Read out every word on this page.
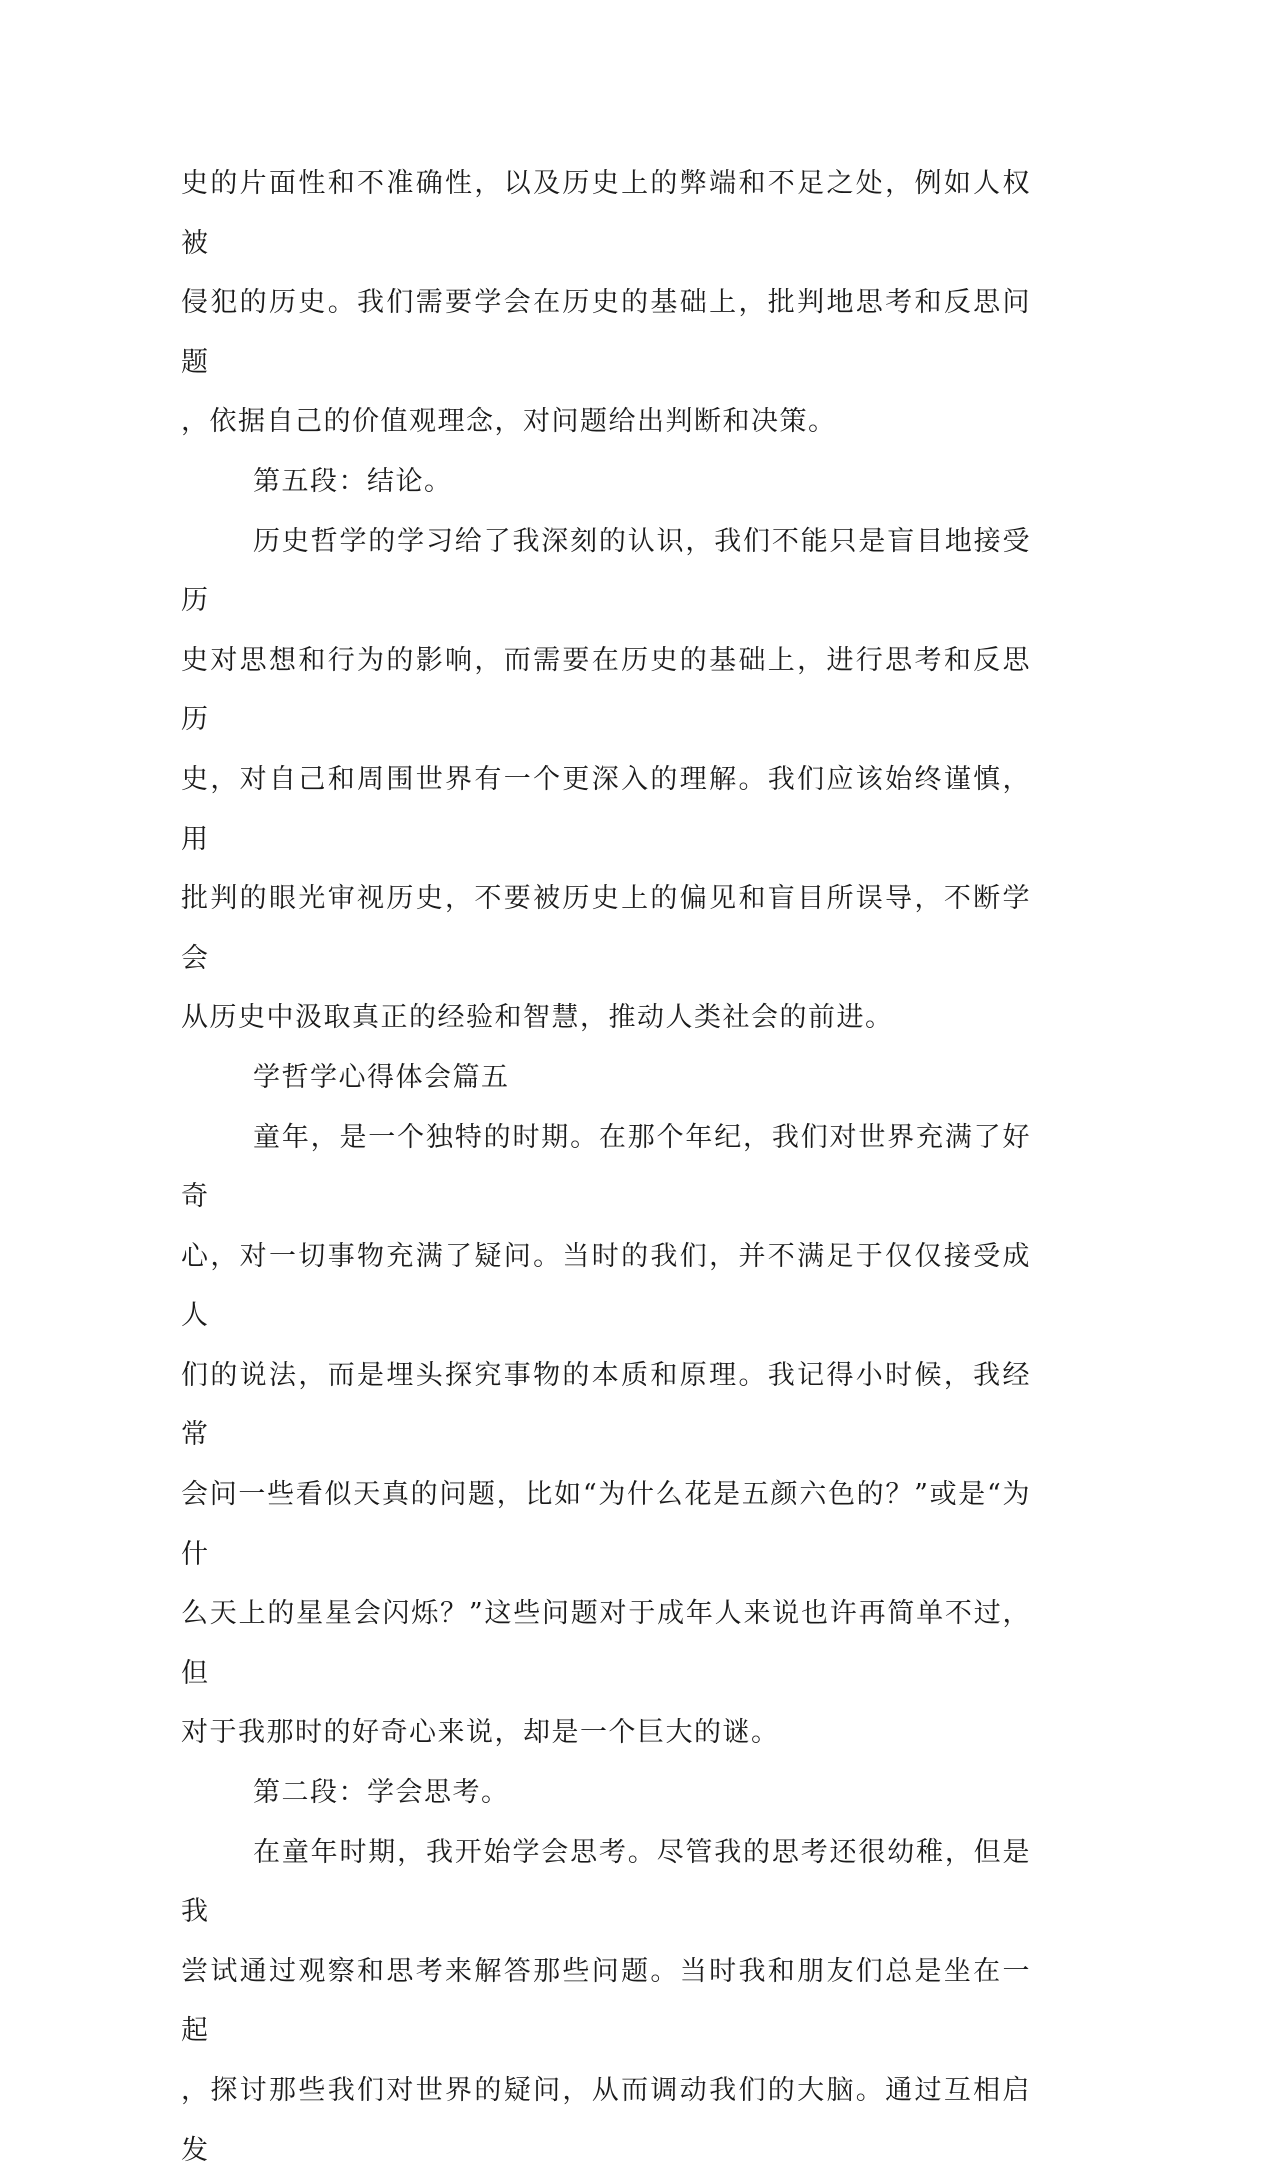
史的片面性和不准确性，以及历史上的弊端和不足之处，例如人权被
侵犯的历史。我们需要学会在历史的基础上，批判地思考和反思问题
，依据自己的价值观理念，对问题给出判断和决策。
第五段：结论。
历史哲学的学习给了我深刻的认识，我们不能只是盲目地接受历
史对思想和行为的影响，而需要在历史的基础上，进行思考和反思历
史，对自己和周围世界有一个更深入的理解。我们应该始终谨慎，用
批判的眼光审视历史，不要被历史上的偏见和盲目所误导，不断学会
从历史中汲取真正的经验和智慧，推动人类社会的前进。
学哲学心得体会篇五
童年，是一个独特的时期。在那个年纪，我们对世界充满了好奇
心，对一切事物充满了疑问。当时的我们，并不满足于仅仅接受成人
们的说法，而是埋头探究事物的本质和原理。我记得小时候，我经常
会问一些看似天真的问题，比如“为什么花是五颜六色的？”或是“为什
么天上的星星会闪烁？”这些问题对于成年人来说也许再简单不过，但
对于我那时的好奇心来说，却是一个巨大的谜。
第二段：学会思考。
在童年时期，我开始学会思考。尽管我的思考还很幼稚，但是我
尝试通过观察和思考来解答那些问题。当时我和朋友们总是坐在一起
，探讨那些我们对世界的疑问，从而调动我们的大脑。通过互相启发
